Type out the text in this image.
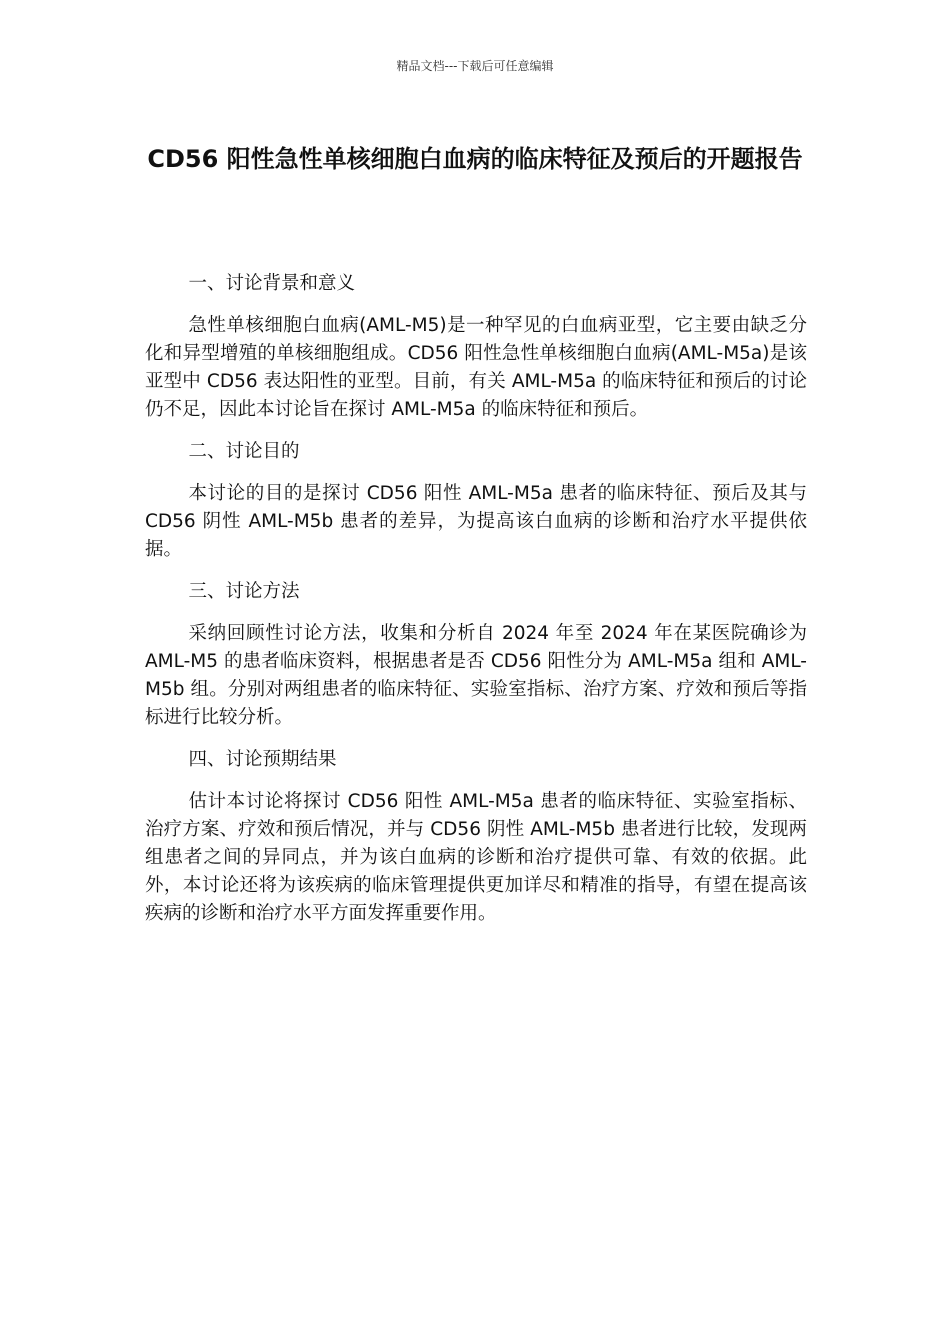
精品文档---下载后可任意编辑
CD56 阳性急性单核细胞白血病的临床特征及预后的开题报告

一、讨论背景和意义

急性单核细胞白血病(AML-M5)是一种罕见的白血病亚型，它主要由缺乏分化和异型增殖的单核细胞组成。CD56 阳性急性单核细胞白血病(AML-M5a)是该亚型中 CD56 表达阳性的亚型。目前，有关 AML-M5a 的临床特征和预后的讨论仍不足，因此本讨论旨在探讨 AML-M5a 的临床特征和预后。

二、讨论目的

本讨论的目的是探讨 CD56 阳性 AML-M5a 患者的临床特征、预后及其与 CD56 阴性 AML-M5b 患者的差异，为提高该白血病的诊断和治疗水平提供依据。

三、讨论方法

采纳回顾性讨论方法，收集和分析自 2024 年至 2024 年在某医院确诊为 AML-M5 的患者临床资料，根据患者是否 CD56 阳性分为 AML-M5a 组和 AML-M5b 组。分别对两组患者的临床特征、实验室指标、治疗方案、疗效和预后等指标进行比较分析。

四、讨论预期结果

估计本讨论将探讨 CD56 阳性 AML-M5a 患者的临床特征、实验室指标、治疗方案、疗效和预后情况，并与 CD56 阴性 AML-M5b 患者进行比较，发现两组患者之间的异同点，并为该白血病的诊断和治疗提供可靠、有效的依据。此外，本讨论还将为该疾病的临床管理提供更加详尽和精准的指导，有望在提高该疾病的诊断和治疗水平方面发挥重要作用。
